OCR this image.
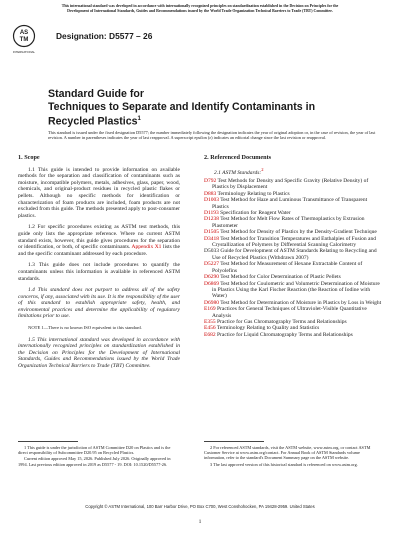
This international standard was developed in accordance with internationally recognized principles on standardization established in the Decision on Principles for the Development of International Standards, Guides and Recommendations issued by the World Trade Organization Technical Barriers to Trade (TBT) Committee.
AS
TM
INTERNATIONAL
Designation: D5577 – 26
Standard Guide for
Techniques to Separate and Identify Contaminants in
Recycled Plastics$^1$
This standard is issued under the fixed designation D5577; the number immediately following the designation indicates the year of original adoption or, in the case of revision, the year of last revision. A number in parentheses indicates the year of last reapproval. A superscript epsilon (ε) indicates an editorial change since the last revision or reapproval.
1. Scope

1.1 This guide is intended to provide information on available methods for the separation and classification of contaminants such as moisture, incompatible polymers, metals, adhesives, glass, paper, wood, chemicals, and original-product residues in recycled plastic flakes or pellets. Although no specific methods for identification or characterization of foam products are included, foam products are not excluded from this guide. The methods presented apply to post-consumer plastics.

1.2 For specific procedures existing as ASTM test methods, this guide only lists the appropriate reference. Where no current ASTM standard exists, however, this guide gives procedures for the separation or identification, or both, of specific contaminants. Appendix X1 lists the and the specific contaminant addressed by each procedure.

1.3 This guide does not include procedures to quantify the contaminants unless this information is available in referenced ASTM standards.

1.4 This standard does not purport to address all of the safety concerns, if any, associated with its use. It is the responsibility of the user of this standard to establish appropriate safety, health, and environmental practices and determine the applicability of regulatory limitations prior to use.

NOTE 1—There is no known ISO equivalent to this standard.

1.5 This international standard was developed in accordance with internationally recognized principles on standardization established in the Decision on Principles for the Development of International Standards, Guides and Recommendations issued by the World Trade Organization Technical Barriers to Trade (TBT) Committee.

2. Referenced Documents
2.1 ASTM Standards:$^2$
D792 Test Methods for Density and Specific Gravity (Relative Density) of Plastics by Displacement
D883 Terminology Relating to Plastics
D1003 Test Method for Haze and Luminous Transmittance of Transparent Plastics
D1193 Specification for Reagent Water
D1238 Test Method for Melt Flow Rates of Thermoplastics by Extrusion Plastometer
D1505 Test Method for Density of Plastics by the Density-Gradient Technique
D3418 Test Method for Transition Temperatures and Enthalpies of Fusion and Crystallization of Polymers by Differential Scanning Calorimetry
D5033 Guide for Development of ASTM Standards Relating to Recycling and Use of Recycled Plastics (Withdrawn 2007)
D5227 Test Method for Measurement of Hexane Extractable Content of Polyolefins
D6290 Test Method for Color Determination of Plastic Pellets
D6869 Test Method for Coulometric and Volumetric Determination of Moisture in Plastics Using the Karl Fischer Reaction (the Reaction of Iodine with Water)
D6980 Test Method for Determination of Moisture in Plastics by Loss in Weight
E169 Practices for General Techniques of Ultraviolet-Visible Quantitative Analysis
E355 Practice for Gas Chromatography Terms and Relationships
E456 Terminology Relating to Quality and Statistics
E682 Practice for Liquid Chromatography Terms and Relationships
1 This guide is under the jurisdiction of ASTM Committee D20 on Plastics and is the direct responsibility of Subcommittee D20.95 on Recycled Plastics.
Current edition approved May 15, 2026. Published July 2026. Originally approved in 1994. Last previous edition approved in 2019 as D5577 - 19. DOI: 10.1520/D5577-26.
2 For referenced ASTM standards, visit the ASTM website, www.astm.org, or contact ASTM Customer Service at www.astm.org/contact. For Annual Book of ASTM Standards volume information, refer to the standard's Document Summary page on the ASTM website.
3 The last approved version of this historical standard is referenced on www.astm.org.
Copyright © ASTM International, 100 Barr Harbor Drive, PO Box C700, West Conshohocken, PA 19428-2959. United States
1
